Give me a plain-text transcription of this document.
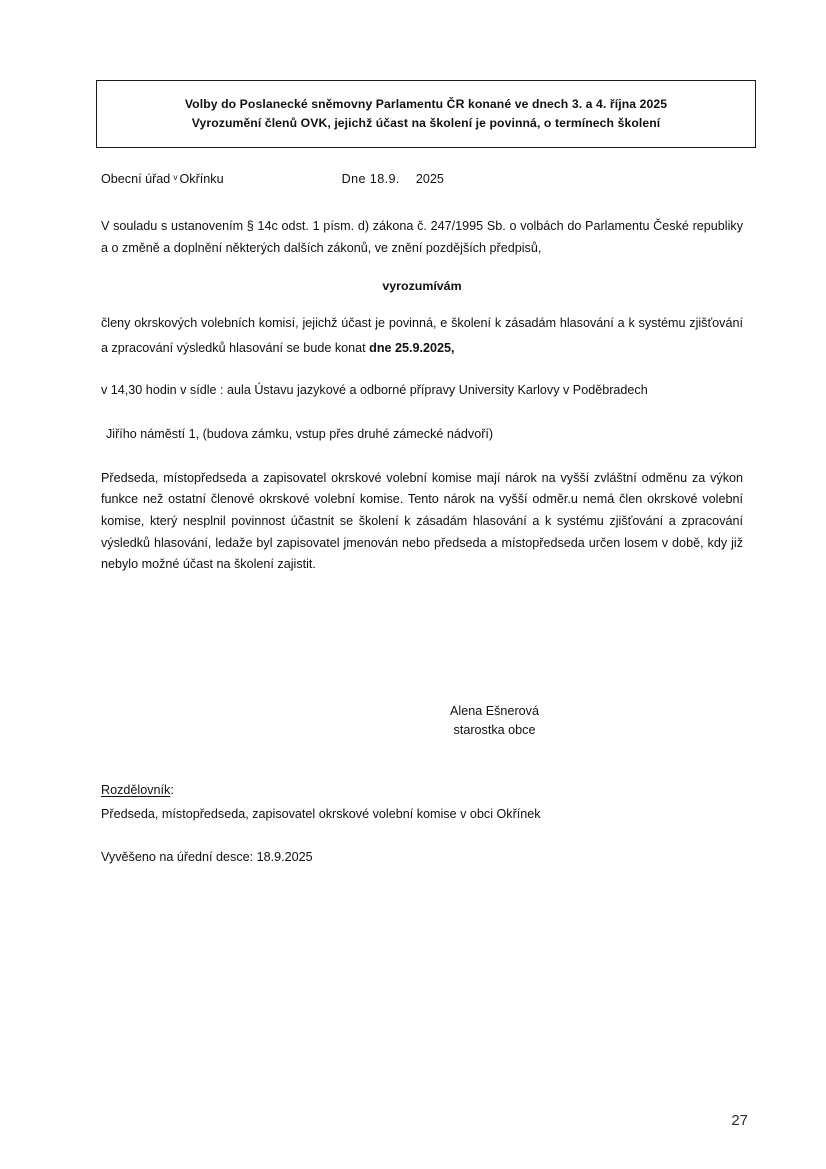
Volby do Poslanecké sněmovny Parlamentu ČR konané ve dnech 3. a 4. října 2025
Vyrozumění členů OVK, jejichž účast na školení je povinná, o termínech školení
Obecní úřad $^v$ Okřínku	Dne 18.9. 2025

V souladu s ustanovením § 14c odst. 1 písm. d) zákona č. 247/1995 Sb. o volbách do Parlamentu České republiky a o změně a doplnění některých dalších zákonů, ve znění pozdějších předpisů,

vyrozumívám

členy okrskových volebních komisí, jejichž účast je povinná, e školení k zásadám hlasování a k systému zjišťování a zpracování výsledků hlasování se bude konat dne 25.9.2025,

v 14,30 hodin v sídle : aula Ústavu jazykové a odborné přípravy University Karlovy v Poděbradech
Jiřího náměstí 1, (budova zámku, vstup přes druhé zámecké nádvoří)

Předseda, místopředseda a zapisovatel okrskové volební komise mají nárok na vyšší zvláštní odměnu za výkon funkce než ostatní členové okrskové volební komise. Tento nárok na vyšší odměr.u nemá člen okrskové volební komise, který nesplnil povinnost účastnit se školení k zásadám hlasování a k systému zjišťování a zpracování výsledků hlasování, ledaže byl zapisovatel jmenován nebo předseda a místopředseda určen losem v době, kdy již nebylo možné účast na školení zajistit.

Alena Ešnerová
starostka obce
Rozdělovník:
Předseda, místopředseda, zapisovatel okrskové volební komise v obci Okřínek
Vyvěšeno na úřední desce: 18.9.2025
27
